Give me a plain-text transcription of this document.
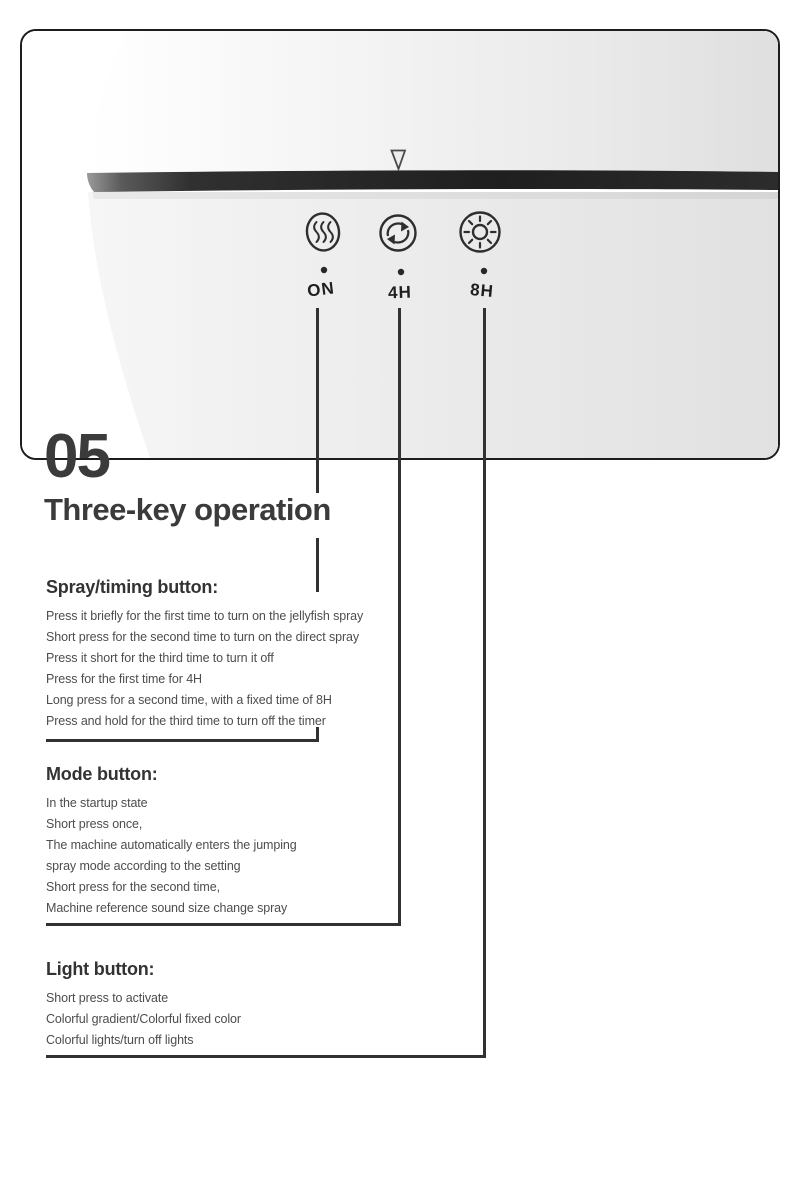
ON	4H	8H
05
Three-key operation
Spray/timing button:

Press it briefly for the first time to turn on the jellyfish spray

Short press for the second time to turn on the direct spray

Press it short for the third time to turn it off

Press for the first time for 4H

Long press for a second time, with a fixed time of 8H

Press and hold for the third time to turn off the timer

Mode button:

In the startup state

Short press once,

The machine automatically enters the jumping

spray mode according to the setting

Short press for the second time,

Machine reference sound size change spray

Light button:

Short press to activate

Colorful gradient/Colorful fixed color

Colorful lights/turn off lights
